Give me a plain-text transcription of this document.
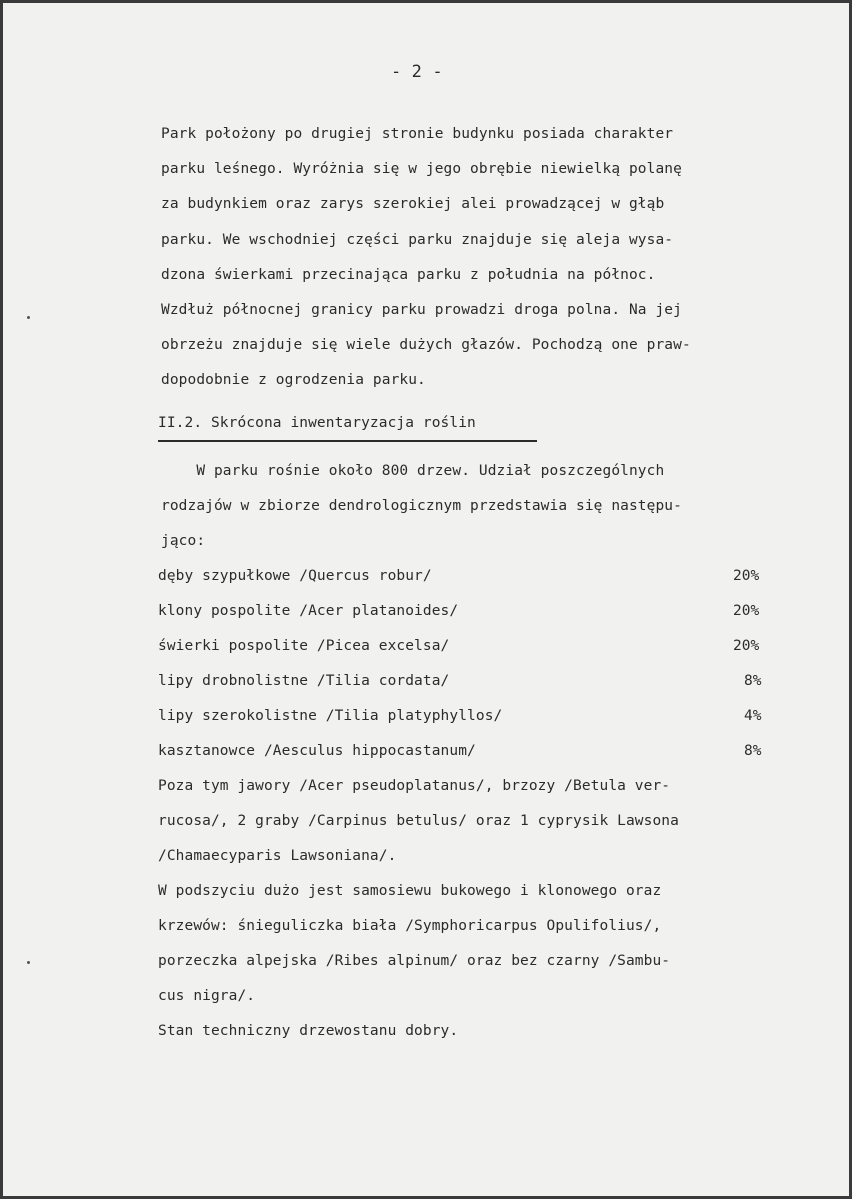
- 2 -
Park położony po drugiej stronie budynku posiada charakter
parku leśnego. Wyróżnia się w jego obrębie niewielką polanę
za budynkiem oraz zarys szerokiej alei prowadzącej w głąb
parku. We wschodniej części parku znajduje się aleja wysa-
dzona świerkami przecinająca parku z południa na północ.
Wzdłuż północnej granicy parku prowadzi droga polna. Na jej
obrzeżu znajduje się wiele dużych głazów. Pochodzą one praw-
dopodobnie z ogrodzenia parku.
II.2. Skrócona inwentaryzacja roślin
W parku rośnie około 800 drzew. Udział poszczególnych
rodzajów w zbiorze dendrologicznym przedstawia się następu-
jąco:
dęby szypułkowe /Quercus robur/	20%
klony pospolite /Acer platanoides/	20%
świerki pospolite /Picea excelsa/	20%
lipy drobnolistne /Tilia cordata/	8%
lipy szerokolistne /Tilia platyphyllos/	4%
kasztanowce /Aesculus hippocastanum/	8%
Poza tym jawory /Acer pseudoplatanus/, brzozy /Betula ver-
rucosa/, 2 graby /Carpinus betulus/ oraz 1 cyprysik Lawsona
/Chamaecyparis Lawsoniana/.
W podszyciu dużo jest samosiewu bukowego i klonowego oraz
krzewów: śnieguliczka biała /Symphoricarpus Opulifolius/,
porzeczka alpejska /Ribes alpinum/ oraz bez czarny /Sambu-
cus nigra/.
Stan techniczny drzewostanu dobry.
